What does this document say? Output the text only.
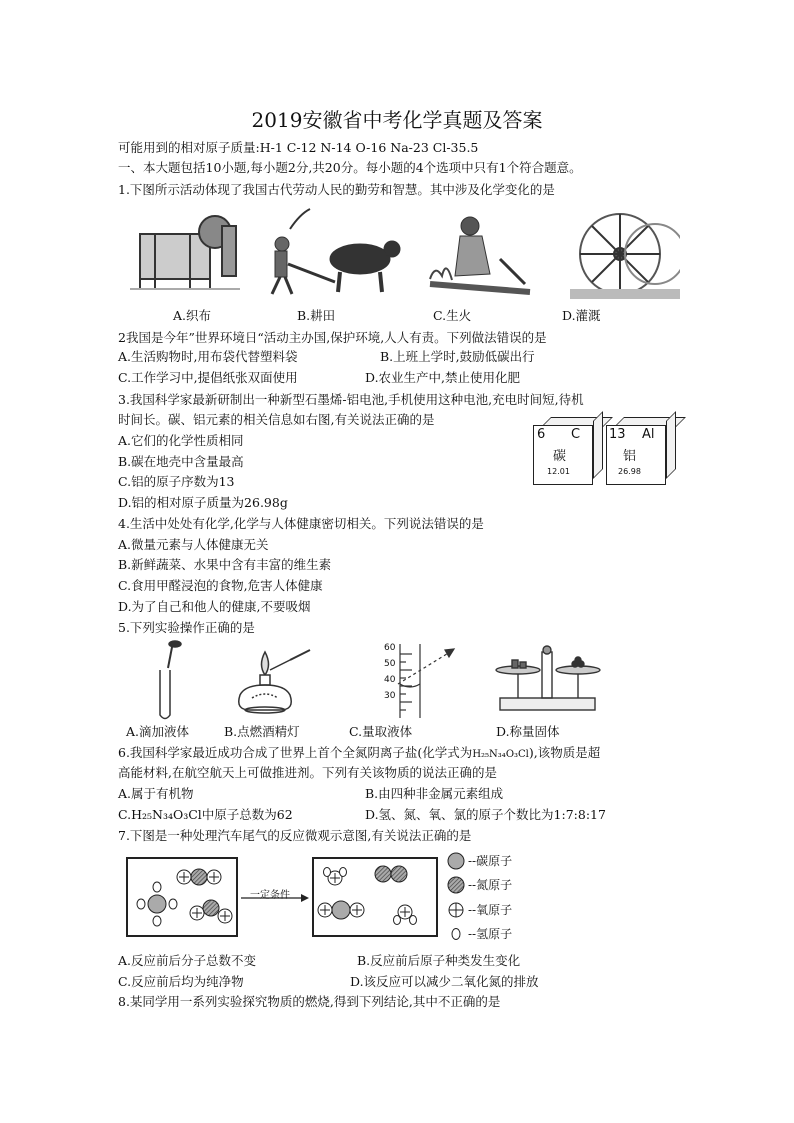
2019安徽省中考化学真题及答案
可能用到的相对原子质量:H-1 C-12 N-14 O-16 Na-23 Cl-35.5
一、本大题包括10小题,每小题2分,共20分。每小题的4个选项中只有1个符合题意。
1.下图所示活动体现了我国古代劳动人民的勤劳和智慧。其中涉及化学变化的是
A.织布	B.耕田	C.生火	D.灌溉
2我国是今年”世界环境日“活动主办国,保护环境,人人有责。下列做法错误的是
A.生活购物时,用布袋代替塑料袋	B.上班上学时,鼓励低碳出行
C.工作学习中,提倡纸张双面使用	D.农业生产中,禁止使用化肥
3.我国科学家最新研制出一种新型石墨烯-铝电池,手机使用这种电池,充电时间短,待机
时间长。碳、铝元素的相关信息如右图,有关说法正确的是
A.它们的化学性质相同
B.碳在地壳中含量最高
C.铝的原子序数为13
D.铝的相对原子质量为26.98g
6 C
碳
12.01
13 Al
铝
26.98
4.生活中处处有化学,化学与人体健康密切相关。下列说法错误的是
A.微量元素与人体健康无关
B.新鲜蔬菜、水果中含有丰富的维生素
C.食用甲醛浸泡的食物,危害人体健康
D.为了自己和他人的健康,不要吸烟
5.下列实验操作正确的是
60
50
40
30
A.滴加液体	B.点燃酒精灯	C.量取液体	D.称量固体
6.我国科学家最近成功合成了世界上首个全氮阴离子盐(化学式为H₂₅N₃₄O₃Cl),该物质是超
高能材料,在航空航天上可做推进剂。下列有关该物质的说法正确的是
A.属于有机物	B.由四种非金属元素组成
C.H₂₅N₃₄O₃Cl中原子总数为62	D.氢、氮、氧、氯的原子个数比为1:7:8:17
7.下图是一种处理汽车尾气的反应微观示意图,有关说法正确的是
一定条件
--碳原子
--氮原子
--氧原子
--氢原子
A.反应前后分子总数不变	B.反应前后原子种类发生变化
C.反应前后均为纯净物	D.该反应可以减少二氧化氮的排放
8.某同学用一系列实验探究物质的燃烧,得到下列结论,其中不正确的是
